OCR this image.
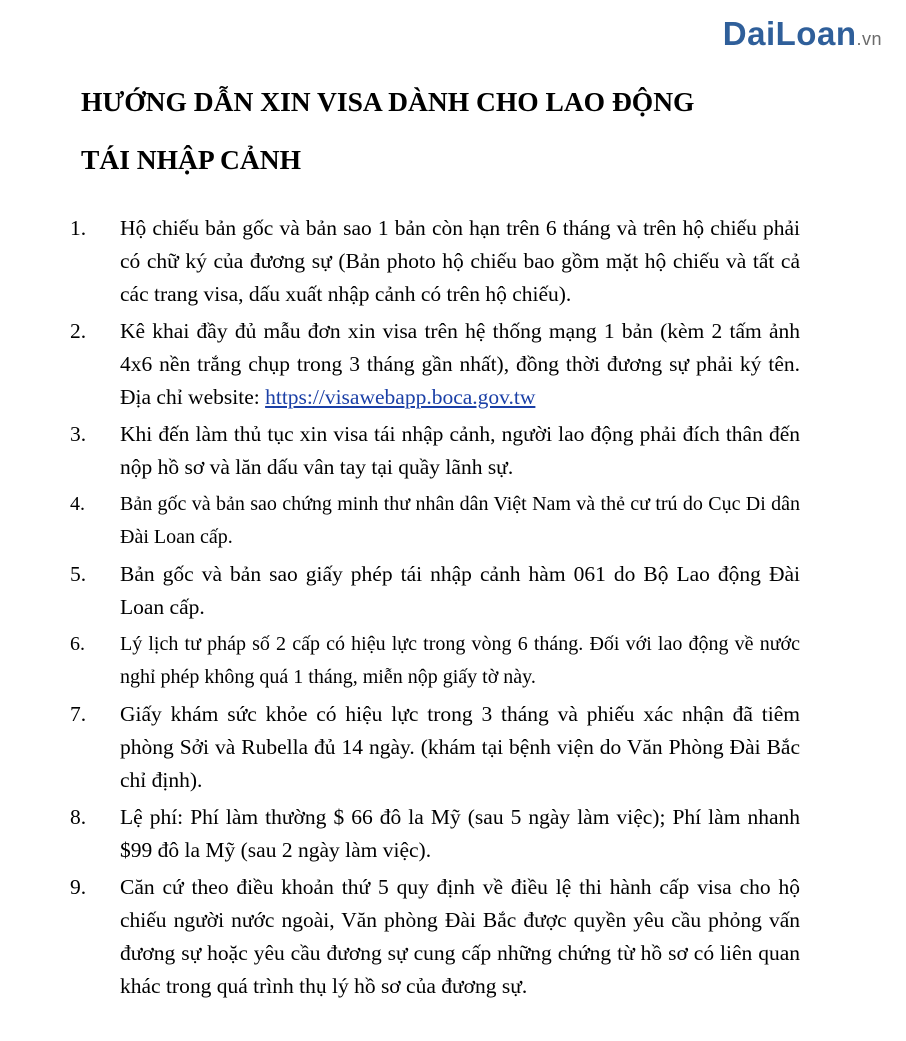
DaiLoan.vn
HƯỚNG DẪN XIN VISA DÀNH CHO LAO ĐỘNG
TÁI NHẬP CẢNH
1.	Hộ chiếu bản gốc và bản sao 1 bản còn hạn trên 6 tháng và trên hộ chiếu phải có chữ ký của đương sự (Bản photo hộ chiếu bao gồm mặt hộ chiếu và tất cả các trang visa, dấu xuất nhập cảnh có trên hộ chiếu).
2.	Kê khai đầy đủ mẫu đơn xin visa trên hệ thống mạng 1 bản (kèm 2 tấm ảnh 4x6 nền trắng chụp trong 3 tháng gần nhất), đồng thời đương sự phải ký tên. Địa chỉ website: https://visawebapp.boca.gov.tw
3.	Khi đến làm thủ tục xin visa tái nhập cảnh, người lao động phải đích thân đến nộp hồ sơ và lăn dấu vân tay tại quầy lãnh sự.
4.	Bản gốc và bản sao chứng minh thư nhân dân Việt Nam và thẻ cư trú do Cục Di dân Đài Loan cấp.
5.	Bản gốc và bản sao giấy phép tái nhập cảnh hàm 061 do Bộ Lao động Đài Loan cấp.
6.	Lý lịch tư pháp số 2 cấp có hiệu lực trong vòng 6 tháng. Đối với lao động về nước nghỉ phép không quá 1 tháng, miễn nộp giấy tờ này.
7.	Giấy khám sức khỏe có hiệu lực trong 3 tháng và phiếu xác nhận đã tiêm phòng Sởi và Rubella đủ 14 ngày. (khám tại bệnh viện do Văn Phòng Đài Bắc chỉ định).
8.	Lệ phí: Phí làm thường $ 66 đô la Mỹ (sau 5 ngày làm việc); Phí làm nhanh $99 đô la Mỹ (sau 2 ngày làm việc).
9.	Căn cứ theo điều khoản thứ 5 quy định về điều lệ thi hành cấp visa cho hộ chiếu người nước ngoài, Văn phòng Đài Bắc được quyền yêu cầu phỏng vấn đương sự hoặc yêu cầu đương sự cung cấp những chứng từ hồ sơ có liên quan khác trong quá trình thụ lý hồ sơ của đương sự.
